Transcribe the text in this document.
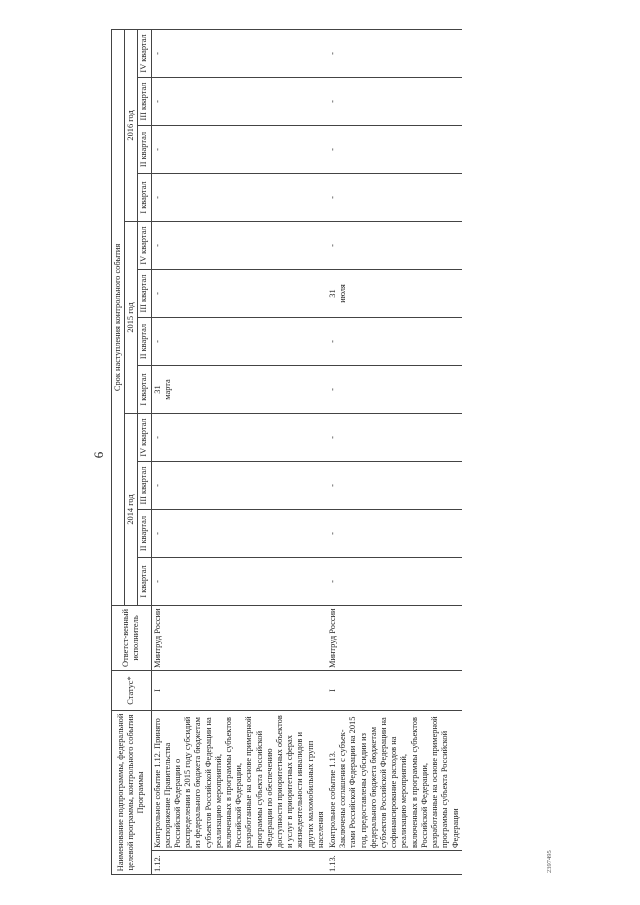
6
Наименование подпрограммы, федеральной целевой программы, контрольного события Программы		Статус*	Ответст-венный исполнитель	Срок наступления контрольного события											
				2014 год				2015 год				2016 год			
				I квартал	II квартал	III квартал	IV квартал	I квартал	II квартал	III квартал	IV квартал	I квартал	II квартал	III квартал	IV квартал
1.12.	Контрольное событие 1.12. Принято распоряжение Правительства Российской Федерации о распределении в 2015 году субсидий из федерального бюджета бюджетам субъектов Российской Федерации на реализацию мероприятий, включенных в программы субъектов Российской Федерации, разработанные на основе примерной программы субъекта Российской Федерации по обеспечению доступности приоритетных объектов и услуг в приоритетных сферах жизнедеятельности инвалидов и других маломобильных групп населения	I	Минтруд России	-	-	-	-	31 марта	-	-	-	-	-	-	-

1.13.	Контрольное событие 1.13. Заключены соглашения с субъек-тами Российской Федерации на 2015 год, предоставлены субсидии из федерального бюджета бюджетам субъектов Российской Федерации на софинансирование расходов на реализацию мероприятий, включенных в программы субъектов Российской Федерации, разработанные на основе примерной программы субъекта Российской Федерации	I	Минтруд России	-	-	-	-	-	-	31 июля	-	-	-	-	-
2397495
